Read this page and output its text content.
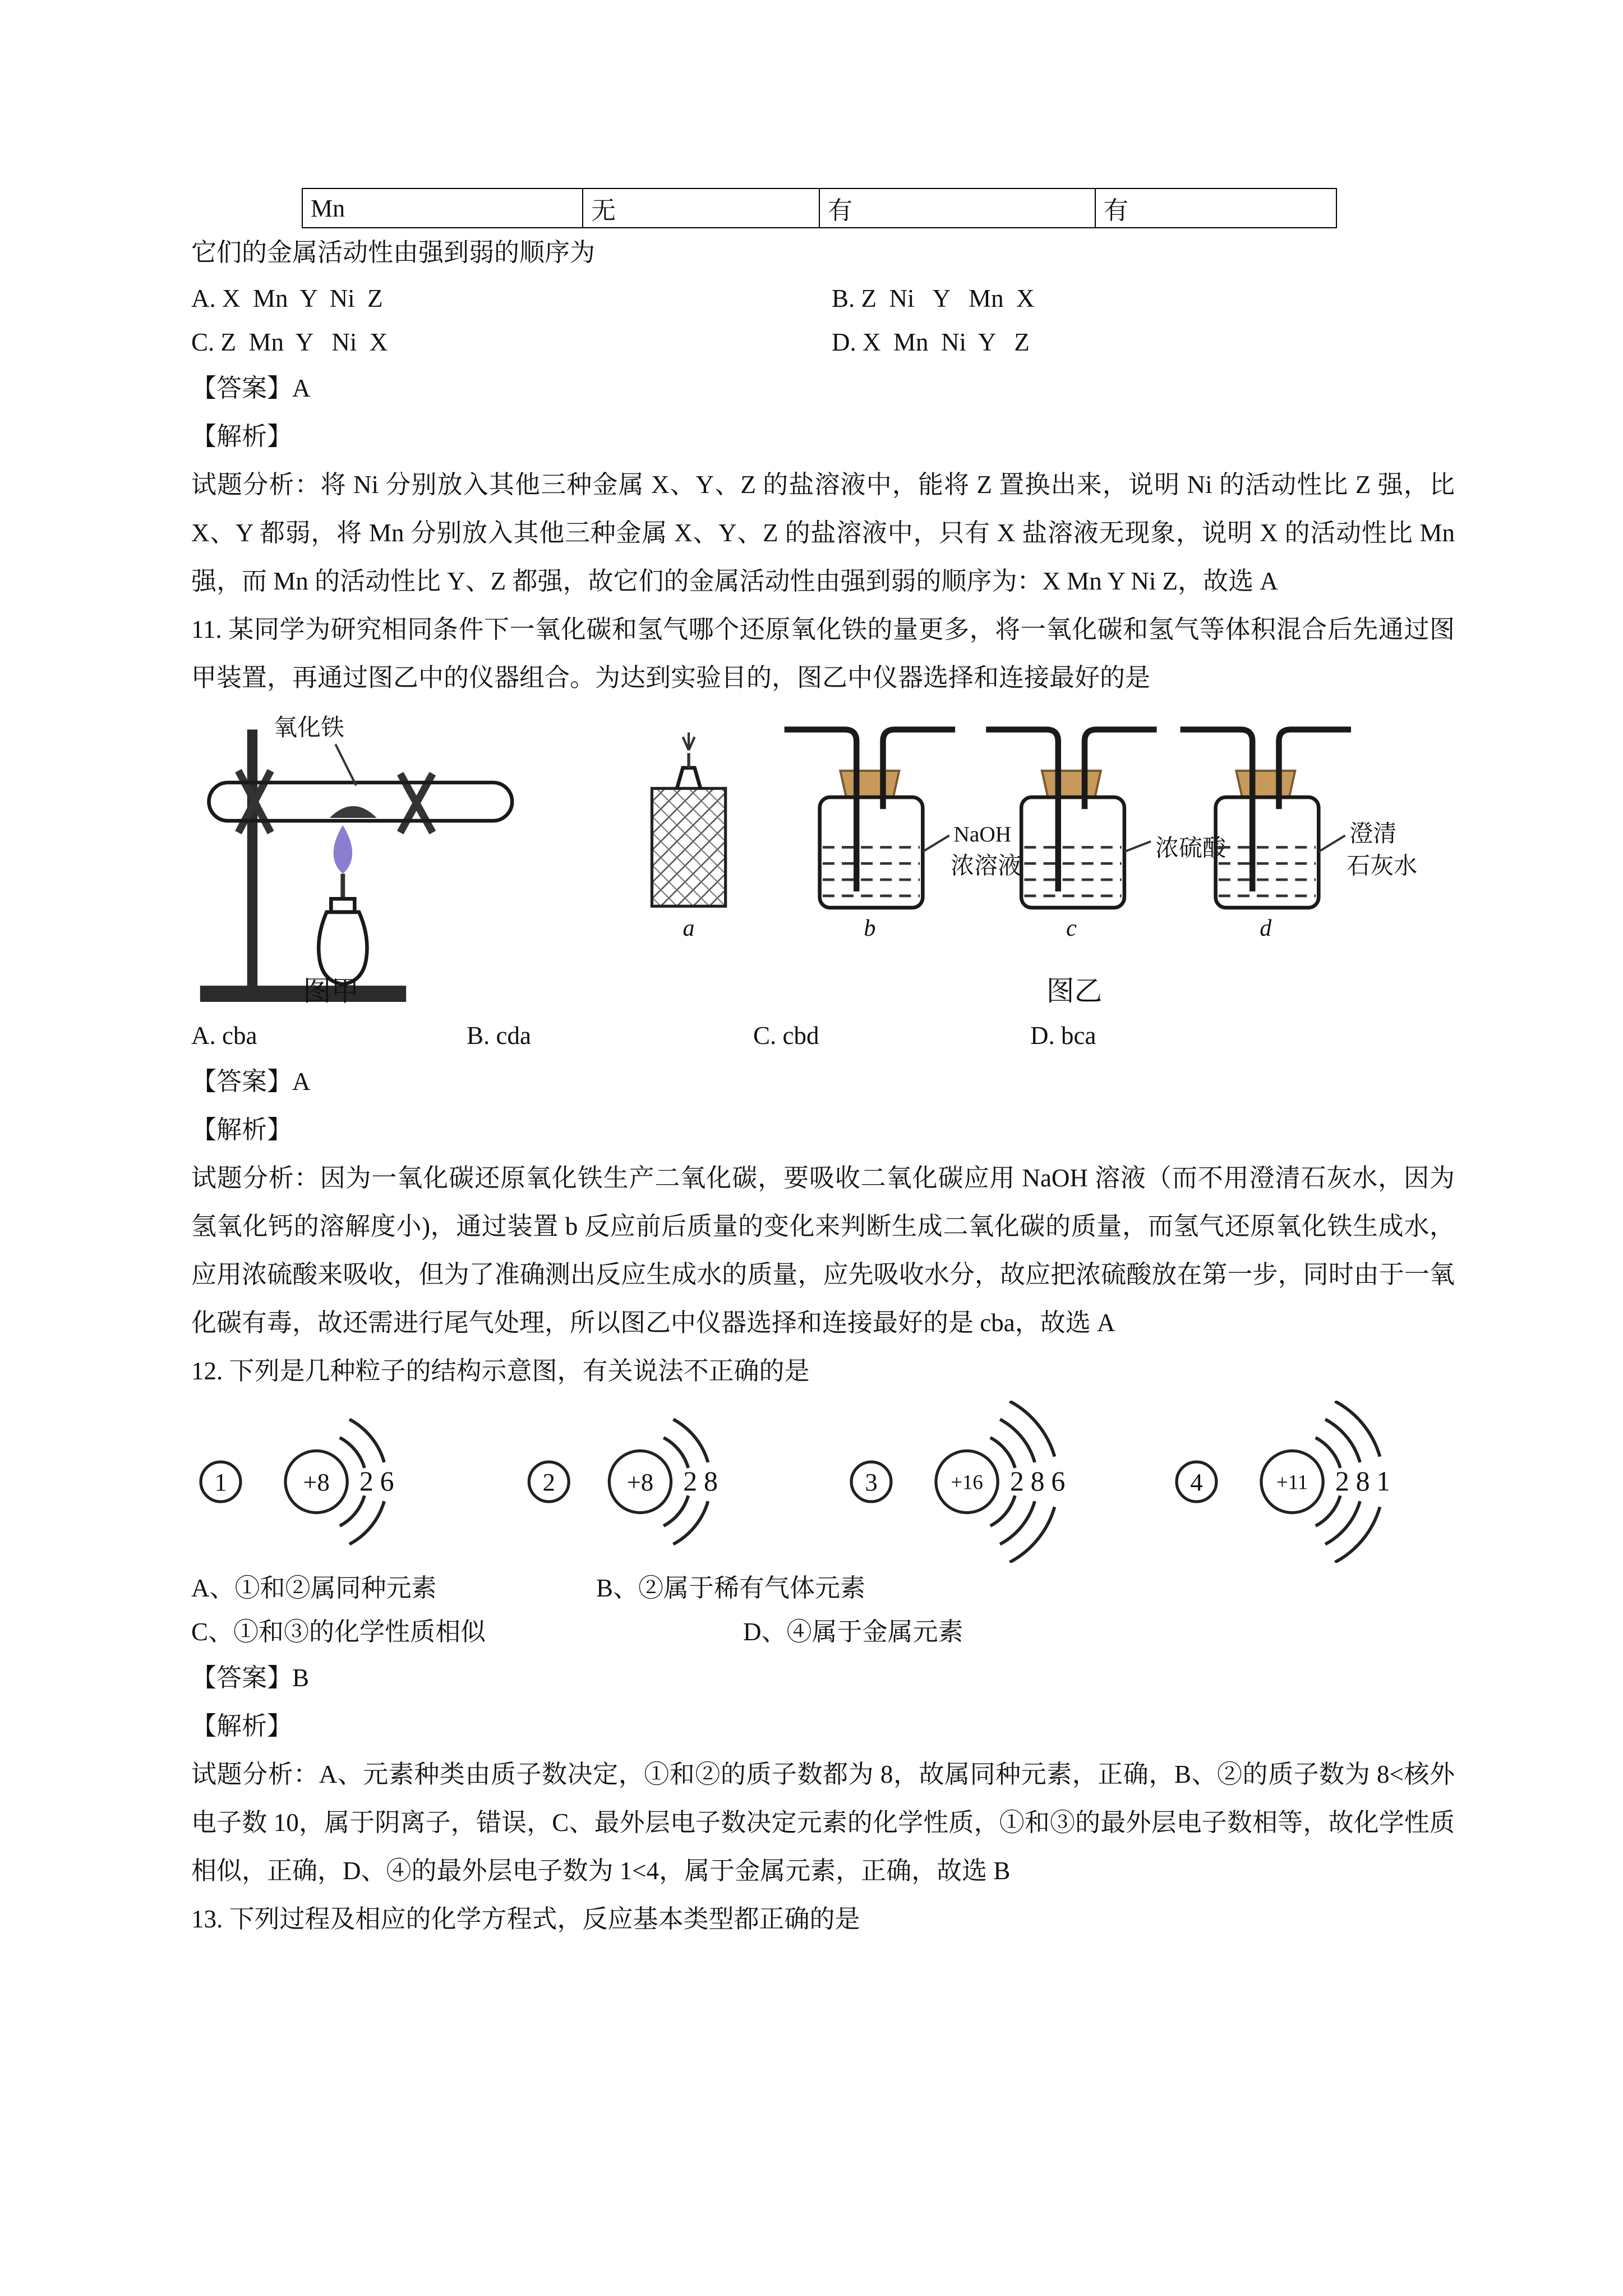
Mn	无	有	有
它们的金属活动性由强到弱的顺序为
A. X  Mn  Y  Ni  Z	B. Z  Ni   Y   Mn  X
C. Z  Mn  Y   Ni  X	D. X  Mn  Ni  Y   Z
【答案】A
【解析】
试题分析：将 Ni 分别放入其他三种金属 X、Y、Z 的盐溶液中，能将 Z 置换出来，说明 Ni 的活动性比 Z 强，比 X、Y 都弱，将 Mn 分别放入其他三种金属 X、Y、Z 的盐溶液中，只有 X 盐溶液无现象，说明 X 的活动性比 Mn 强，而 Mn 的活动性比 Y、Z 都强，故它们的金属活动性由强到弱的顺序为：X Mn Y Ni Z，故选 A
11. 某同学为研究相同条件下一氧化碳和氢气哪个还原氧化铁的量更多，将一氧化碳和氢气等体积混合后先通过图甲装置，再通过图乙中的仪器组合。为达到实验目的，图乙中仪器选择和连接最好的是
氧化铁
a
NaOH
浓溶液
b
浓硫酸
c
澄清
石灰水
d
图甲	图乙
A. cba	B. cda	C. cbd	D. bca
【答案】A
【解析】
试题分析：因为一氧化碳还原氧化铁生产二氧化碳，要吸收二氧化碳应用 NaOH 溶液（而不用澄清石灰水，因为氢氧化钙的溶解度小)，通过装置 b 反应前后质量的变化来判断生成二氧化碳的质量，而氢气还原氧化铁生成水，应用浓硫酸来吸收，但为了准确测出反应生成水的质量，应先吸收水分，故应把浓硫酸放在第一步，同时由于一氧化碳有毒，故还需进行尾气处理，所以图乙中仪器选择和连接最好的是 cba，故选 A
12. 下列是几种粒子的结构示意图，有关说法不正确的是
1	+8	2 6	2	+8	2 8	3	+16	2 8 6	4	+11	2 8 1
A、①和②属同种元素	B、②属于稀有气体元素
C、①和③的化学性质相似	D、④属于金属元素
【答案】B
【解析】
试题分析：A、元素种类由质子数决定，①和②的质子数都为 8，故属同种元素，正确，B、②的质子数为 8<核外电子数 10，属于阴离子，错误，C、最外层电子数决定元素的化学性质，①和③的最外层电子数相等，故化学性质相似，正确，D、④的最外层电子数为 1<4，属于金属元素，正确，故选 B
13. 下列过程及相应的化学方程式，反应基本类型都正确的是
